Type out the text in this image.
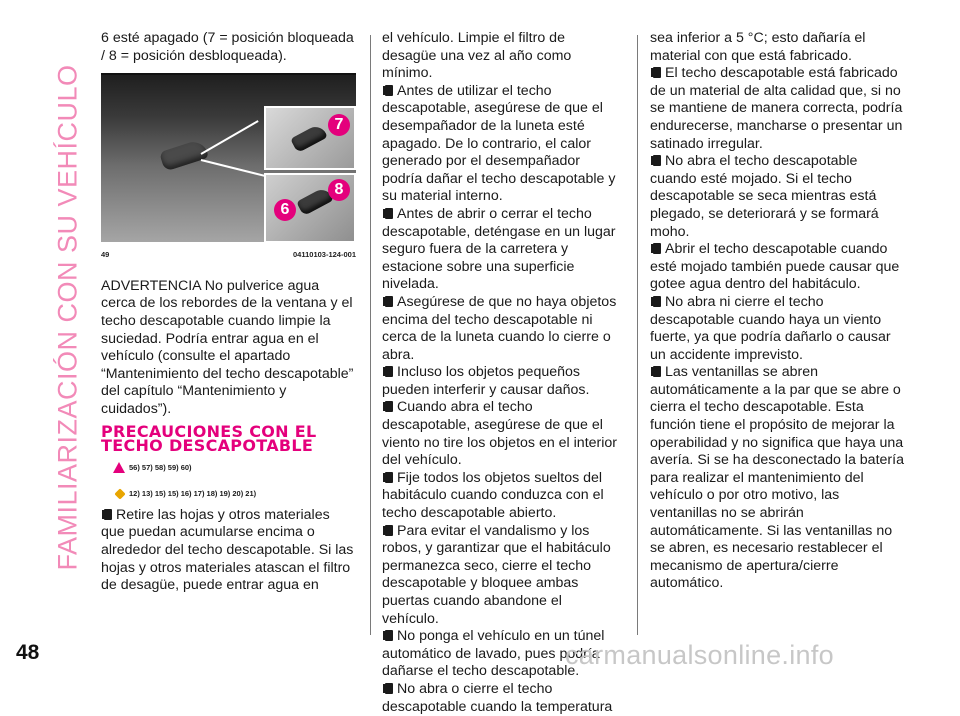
FAMILIARIZACIÓN CON SU VEHÍCULO

6 esté apagado (7 = posición bloqueada / 8 = posición desbloqueada).

7
8
6
49	04110103-124-001

ADVERTENCIA No pulverice agua cerca de los rebordes de la ventana y el techo descapotable cuando limpie la suciedad. Podría entrar agua en el vehículo (consulte el apartado “Mantenimiento del techo descapotable” del capítulo “Mantenimiento y cuidados”).

PRECAUCIONES CON EL TECHO DESCAPOTABLE
56) 57) 58) 59) 60)
12) 13) 15) 15) 16) 17) 18) 19) 20) 21)

Retire las hojas y otros materiales que puedan acumularse encima o alrededor del techo descapotable. Si las hojas y otros materiales atascan el filtro de desagüe, puede entrar agua en

el vehículo. Limpie el filtro de desagüe una vez al año como mínimo.

Antes de utilizar el techo descapotable, asegúrese de que el desempañador de la luneta esté apagado. De lo contrario, el calor generado por el desempañador podría dañar el techo descapotable y su material interno.

Antes de abrir o cerrar el techo descapotable, deténgase en un lugar seguro fuera de la carretera y estacione sobre una superficie nivelada.

Asegúrese de que no haya objetos encima del techo descapotable ni cerca de la luneta cuando lo cierre o abra.

Incluso los objetos pequeños pueden interferir y causar daños.

Cuando abra el techo descapotable, asegúrese de que el viento no tire los objetos en el interior del vehículo.

Fije todos los objetos sueltos del habitáculo cuando conduzca con el techo descapotable abierto.

Para evitar el vandalismo y los robos, y garantizar que el habitáculo permanezca seco, cierre el techo descapotable y bloquee ambas puertas cuando abandone el vehículo.

No ponga el vehículo en un túnel automático de lavado, pues podría dañarse el techo descapotable.

No abra o cierre el techo descapotable cuando la temperatura

sea inferior a 5 °C; esto dañaría el material con que está fabricado.

El techo descapotable está fabricado de un material de alta calidad que, si no se mantiene de manera correcta, podría endurecerse, mancharse o presentar un satinado irregular.

No abra el techo descapotable cuando esté mojado. Si el techo descapotable se seca mientras está plegado, se deteriorará y se formará moho.

Abrir el techo descapotable cuando esté mojado también puede causar que gotee agua dentro del habitáculo.

No abra ni cierre el techo descapotable cuando haya un viento fuerte, ya que podría dañarlo o causar un accidente imprevisto.

Las ventanillas se abren automáticamente a la par que se abre o cierra el techo descapotable. Esta función tiene el propósito de mejorar la operabilidad y no significa que haya una avería. Si se ha desconectado la batería para realizar el mantenimiento del vehículo o por otro motivo, las ventanillas no se abrirán automáticamente. Si las ventanillas no se abren, es necesario restablecer el mecanismo de apertura/cierre automático.

48	carmanualsonline.info
